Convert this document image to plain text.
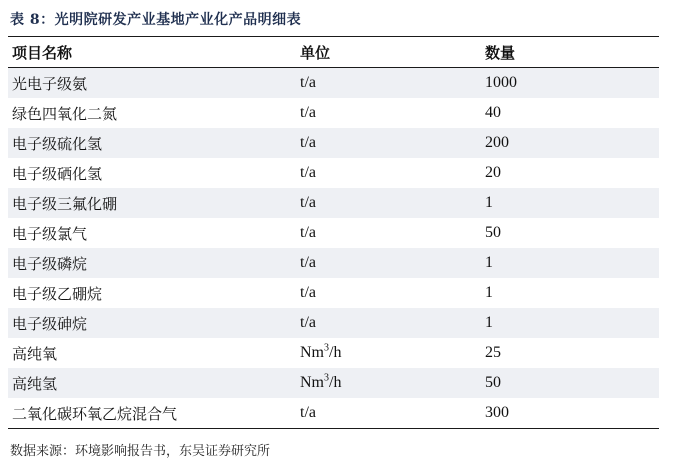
表 8：光明院研发产业基地产业化产品明细表
项目名称	单位	数量
光电子级氨	t/a	1000
绿色四氧化二氮	t/a	40
电子级硫化氢	t/a	200
电子级硒化氢	t/a	20
电子级三氟化硼	t/a	1
电子级氯气	t/a	50
电子级磷烷	t/a	1
电子级乙硼烷	t/a	1
电子级砷烷	t/a	1
高纯氧	Nm$^3$/h	25
高纯氢	Nm$^3$/h	50
二氧化碳环氧乙烷混合气	t/a	300
数据来源：环境影响报告书，东吴证券研究所
